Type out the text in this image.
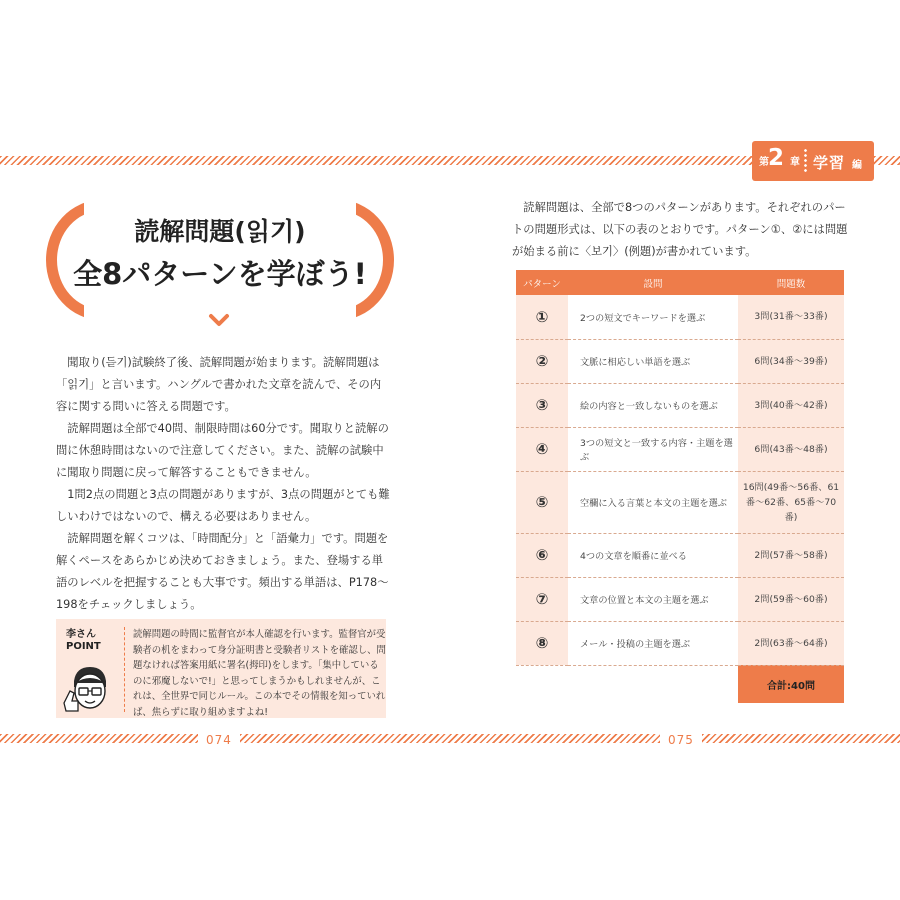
第 2 章 学習 編
読解問題(읽기)
全8パターンを学ぼう!

聞取り(듣기)試験終了後、読解問題が始まります。読解問題は「읽기」と言います。ハングルで書かれた文章を読んで、その内容に関する問いに答える問題です。

読解問題は全部で40問、制限時間は60分です。聞取りと読解の間に休憩時間はないので注意してください。また、読解の試験中に聞取り問題に戻って解答することもできません。

1問2点の問題と3点の問題がありますが、3点の問題がとても難しいわけではないので、構える必要はありません。

読解問題を解くコツは、「時間配分」と「語彙力」です。問題を解くペースをあらかじめ決めておきましょう。また、登場する単語のレベルを把握することも大事です。頻出する単語は、P178〜198をチェックしましょう。

李さん
POINT
読解問題の時間に監督官が本人確認を行います。監督官が受験者の机をまわって身分証明書と受験者リストを確認し、問題なければ答案用紙に署名(拇印)をします。「集中しているのに邪魔しないで!」と思ってしまうかもしれませんが、これは、全世界で同じルール。この本でその情報を知っていれば、焦らずに取り組めますよね!
074	075
読解問題は、全部で8つのパターンがあります。それぞれのパートの問題形式は、以下の表のとおりです。パターン①、②には問題が始まる前に〈보기〉(例題)が書かれています。
パターン	設問	問題数
①	2つの短文でキーワードを選ぶ	3問(31番〜33番)
②	文脈に相応しい単語を選ぶ	6問(34番〜39番)
③	絵の内容と一致しないものを選ぶ	3問(40番〜42番)
④	3つの短文と一致する内容・主題を選ぶ	6問(43番〜48番)
⑤	空欄に入る言葉と本文の主題を選ぶ	16問(49番〜56番、61番〜62番、65番〜70番)
⑥	4つの文章を順番に並べる	2問(57番〜58番)
⑦	文章の位置と本文の主題を選ぶ	2問(59番〜60番)
⑧	メール・投稿の主題を選ぶ	2問(63番〜64番)
		合計:40問
